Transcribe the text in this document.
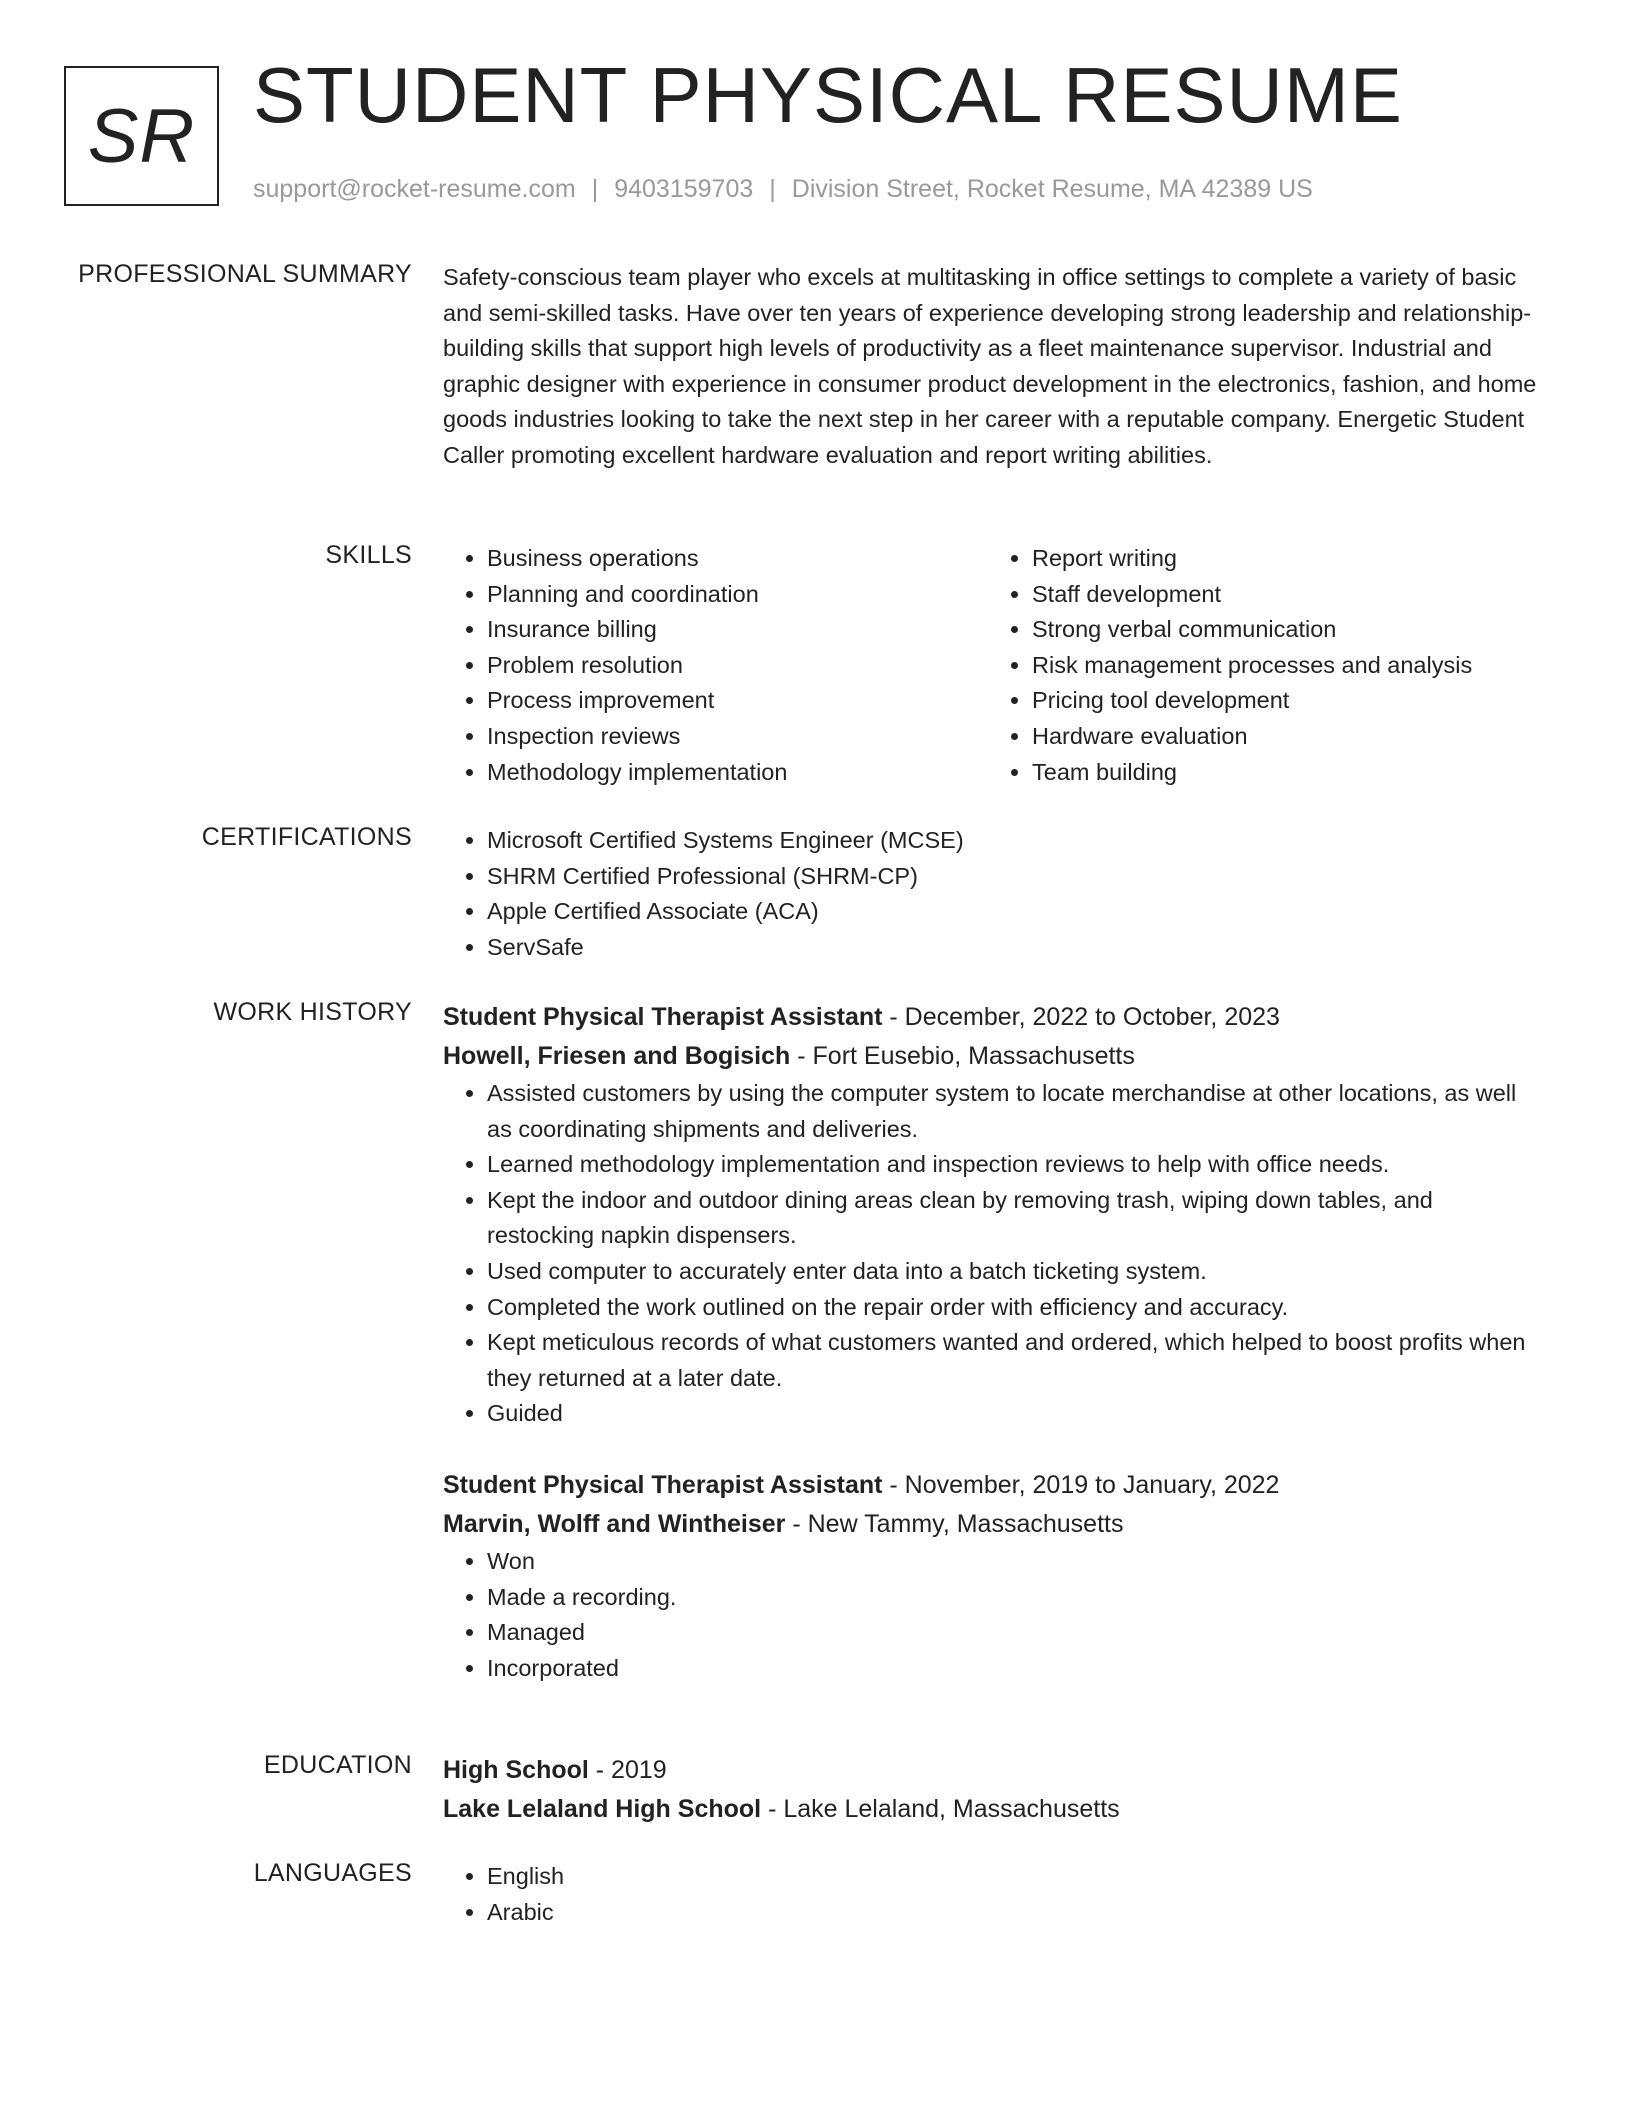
SR STUDENT PHYSICAL RESUME
support@rocket-resume.com | 9403159703 | Division Street, Rocket Resume, MA 42389 US
PROFESSIONAL SUMMARY Safety-conscious team player who excels at multitasking in office settings to complete a variety of basic and semi-skilled tasks. Have over ten years of experience developing strong leadership and relationship-building skills that support high levels of productivity as a fleet maintenance supervisor. Industrial and graphic designer with experience in consumer product development in the electronics, fashion, and home goods industries looking to take the next step in her career with a reputable company. Energetic Student Caller promoting excellent hardware evaluation and report writing abilities.

SKILLS	• Business operations
• Planning and coordination
• Insurance billing
• Problem resolution
• Process improvement
• Inspection reviews
• Methodology implementation
• Report writing
• Staff development
• Strong verbal communication
• Risk management processes and analysis
• Pricing tool development
• Hardware evaluation
• Team building
CERTIFICATIONS	• Microsoft Certified Systems Engineer (MCSE)
• SHRM Certified Professional (SHRM-CP)
• Apple Certified Associate (ACA)
• ServSafe
WORK HISTORY Student Physical Therapist Assistant - December, 2022 to October, 2023
Howell, Friesen and Bogisich - Fort Eusebio, Massachusetts
• Assisted customers by using the computer system to locate merchandise at other locations, as well as coordinating shipments and deliveries.
• Learned methodology implementation and inspection reviews to help with office needs.
• Kept the indoor and outdoor dining areas clean by removing trash, wiping down tables, and restocking napkin dispensers.
• Used computer to accurately enter data into a batch ticketing system.
• Completed the work outlined on the repair order with efficiency and accuracy.
• Kept meticulous records of what customers wanted and ordered, which helped to boost profits when they returned at a later date.
• Guided
Student Physical Therapist Assistant - November, 2019 to January, 2022
Marvin, Wolff and Wintheiser - New Tammy, Massachusetts
• Won
• Made a recording.
• Managed
• Incorporated
EDUCATION High School - 2019
Lake Lelaland High School - Lake Lelaland, Massachusetts
LANGUAGES	• English
• Arabic
